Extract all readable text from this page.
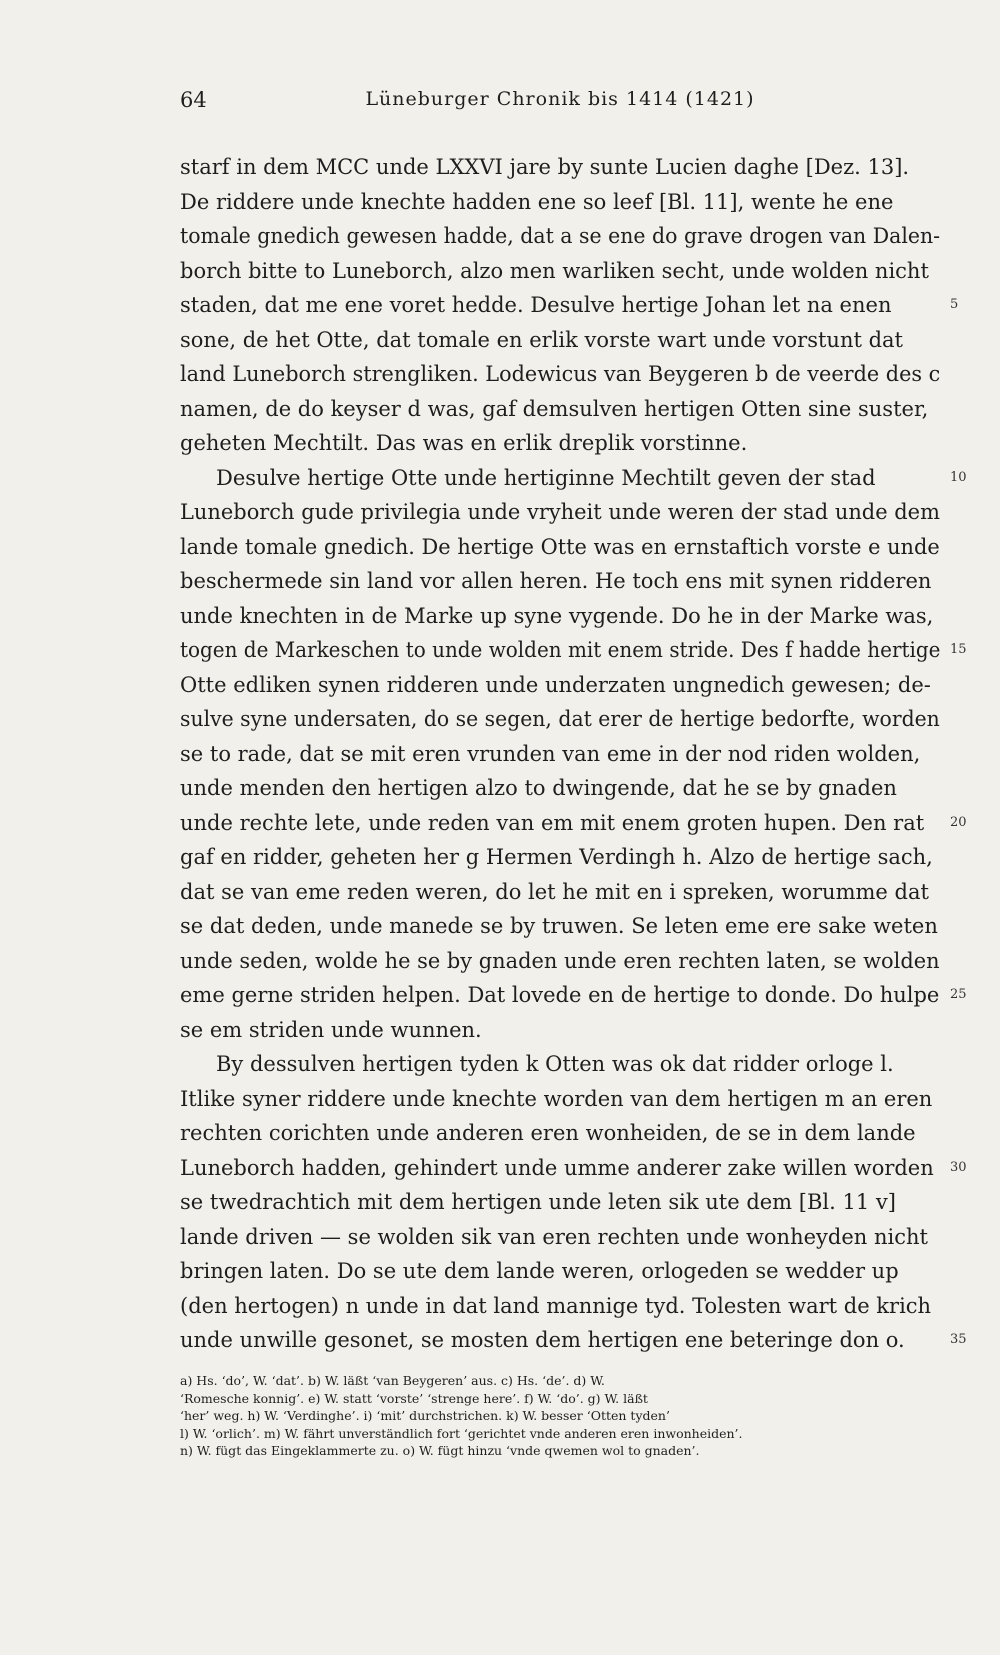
64	Lüneburger Chronik bis 1414 (1421)
starf in dem MCC unde LXXVI jare by sunte Lucien daghe [Dez. 13].
De riddere unde knechte hadden ene so leef [Bl. 11], wente he ene
tomale gnedich gewesen hadde, dat a se ene do grave drogen van Dalen-
borch bitte to Luneborch, alzo men warliken secht, unde wolden nicht
staden, dat me ene voret hedde. Desulve hertige Johan let na enen	5
sone, de het Otte, dat tomale en erlik vorste wart unde vorstunt dat
land Luneborch strengliken. Lodewicus van Beygeren b de veerde des c
namen, de do keyser d was, gaf demsulven hertigen Otten sine suster,
geheten Mechtilt. Das was en erlik dreplik vorstinne.
Desulve hertige Otte unde hertiginne Mechtilt geven der stad	10
Luneborch gude privilegia unde vryheit unde weren der stad unde dem
lande tomale gnedich. De hertige Otte was en ernstaftich vorste e unde
beschermede sin land vor allen heren. He toch ens mit synen ridderen
unde knechten in de Marke up syne vygende. Do he in der Marke was,
togen de Markeschen to unde wolden mit enem stride. Des f hadde hertige 15
Otte edliken synen ridderen unde underzaten ungnedich gewesen; de-
sulve syne undersaten, do se segen, dat erer de hertige bedorfte, worden
se to rade, dat se mit eren vrunden van eme in der nod riden wolden,
unde menden den hertigen alzo to dwingende, dat he se by gnaden
unde rechte lete, unde reden van em mit enem groten hupen. Den rat 20
gaf en ridder, geheten her g Hermen Verdingh h. Alzo de hertige sach,
dat se van eme reden weren, do let he mit en i spreken, worumme dat
se dat deden, unde manede se by truwen. Se leten eme ere sake weten
unde seden, wolde he se by gnaden unde eren rechten laten, se wolden
eme gerne striden helpen. Dat lovede en de hertige to donde. Do hulpe 25
se em striden unde wunnen.
By dessulven hertigen tyden k Otten was ok dat ridder orloge l.
Itlike syner riddere unde knechte worden van dem hertigen m an eren
rechten corichten unde anderen eren wonheiden, de se in dem lande
Luneborch hadden, gehindert unde umme anderer zake willen worden 30
se twedrachtich mit dem hertigen unde leten sik ute dem [Bl. 11 v]
lande driven — se wolden sik van eren rechten unde wonheyden nicht
bringen laten. Do se ute dem lande weren, orlogeden se wedder up
(den hertogen) n unde in dat land mannige tyd. Tolesten wart de krich
unde unwille gesonet, se mosten dem hertigen ene beteringe don o.	35
a) Hs. ‘do’, W. ‘dat’. b) W. läßt ‘van Beygeren’ aus. c) Hs. ‘de’. d) W.
‘Romesche konnig’. e) W. statt ‘vorste’ ‘strenge here’. f) W. ‘do’. g) W. läßt
‘her’ weg. h) W. ‘Verdinghe’. i) ‘mit’ durchstrichen. k) W. besser ‘Otten tyden’
l) W. ‘orlich’. m) W. fährt unverständlich fort ‘gerichtet vnde anderen eren inwonheiden’.
n) W. fügt das Eingeklammerte zu. o) W. fügt hinzu ‘vnde qwemen wol to gnaden’.
